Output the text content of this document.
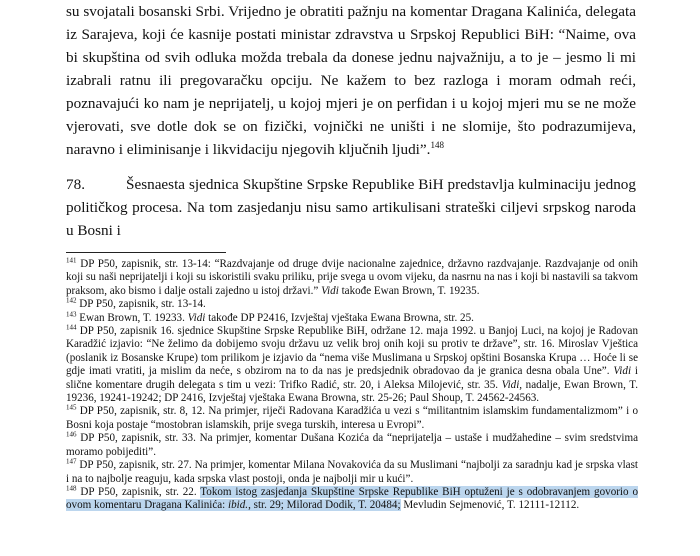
su svojatali bosanski Srbi. Vrijedno je obratiti pažnju na komentar Dragana Kalinića, delegata iz Sarajeva, koji će kasnije postati ministar zdravstva u Srpskoj Republici BiH: “Naime, ova bi skupština od svih odluka možda trebala da donese jednu najvažniju, a to je – jesmo li mi izabrali ratnu ili pregovaračku opciju. Ne kažem to bez razloga i moram odmah reći, poznavajući ko nam je neprijatelj, u kojoj mjeri je on perfidan i u kojoj mjeri mu se ne može vjerovati, sve dotle dok se on fizički, vojnički ne uništi i ne slomije, što podrazumijeva, naravno i eliminisanje i likvidaciju njegovih ključnih ljudi”.$^{148}$

78.	Šesnaesta sjednica Skupštine Srpske Republike BiH predstavlja kulminaciju jednog političkog procesa. Na tom zasjedanju nisu samo artikulisani strateški ciljevi srpskog naroda u Bosni i

$^{141}$ DP P50, zapisnik, str. 13-14: “Razdvajanje od druge dvije nacionalne zajednice, državno razdvajanje. Razdvajanje od onih koji su naši neprijatelji i koji su iskoristili svaku priliku, prije svega u ovom vijeku, da nasrnu na nas i koji bi nastavili sa takvom praksom, ako bismo i dalje ostali zajedno u istoj državi.” Vidi takođe Ewan Brown, T. 19235.

$^{142}$ DP P50, zapisnik, str. 13-14.

$^{143}$ Ewan Brown, T. 19233. Vidi takođe DP P2416, Izvještaj vještaka Ewana Browna, str. 25.

$^{144}$ DP P50, zapisnik 16. sjednice Skupštine Srpske Republike BiH, održane 12. maja 1992. u Banjoj Luci, na kojoj je Radovan Karadžić izjavio: “Ne želimo da dobijemo svoju državu uz velik broj onih koji su protiv te države”, str. 16. Miroslav Vještica (poslanik iz Bosanske Krupe) tom prilikom je izjavio da “nema više Muslimana u Srpskoj opštini Bosanska Krupa … Hoće li se gdje imati vratiti, ja mislim da neće, s obzirom na to da nas je predsjednik obradovao da je granica desna obala Une”. Vidi i slične komentare drugih delegata s tim u vezi: Trifko Radić, str. 20, i Aleksa Milojević, str. 35. Vidi, nadalje, Ewan Brown, T. 19236, 19241-19242; DP 2416, Izvještaj vještaka Ewana Browna, str. 25-26; Paul Shoup, T. 24562-24563.

$^{145}$ DP P50, zapisnik, str. 8, 12. Na primjer, riječi Radovana Karadžića u vezi s “militantnim islamskim fundamentalizmom” i o Bosni koja postaje “mostobran islamskih, prije svega turskih, interesa u Evropi”.

$^{146}$ DP P50, zapisnik, str. 33. Na primjer, komentar Dušana Kozića da “neprijatelja – ustaše i mudžahedine – svim sredstvima moramo pobijediti”.

$^{147}$ DP P50, zapisnik, str. 27. Na primjer, komentar Milana Novakovića da su Muslimani “najbolji za saradnju kad je srpska vlast i na to najbolje reaguju, kada srpska vlast postoji, onda je najbolji mir u kući”.

$^{148}$ DP P50, zapisnik, str. 22. Tokom istog zasjedanja Skupštine Srpske Republike BiH optuženi je s odobravanjem govorio o ovom komentaru Dragana Kalinića: ibid., str. 29; Milorad Dodik, T. 20484; Mevludin Sejmenović, T. 12111-12112.
